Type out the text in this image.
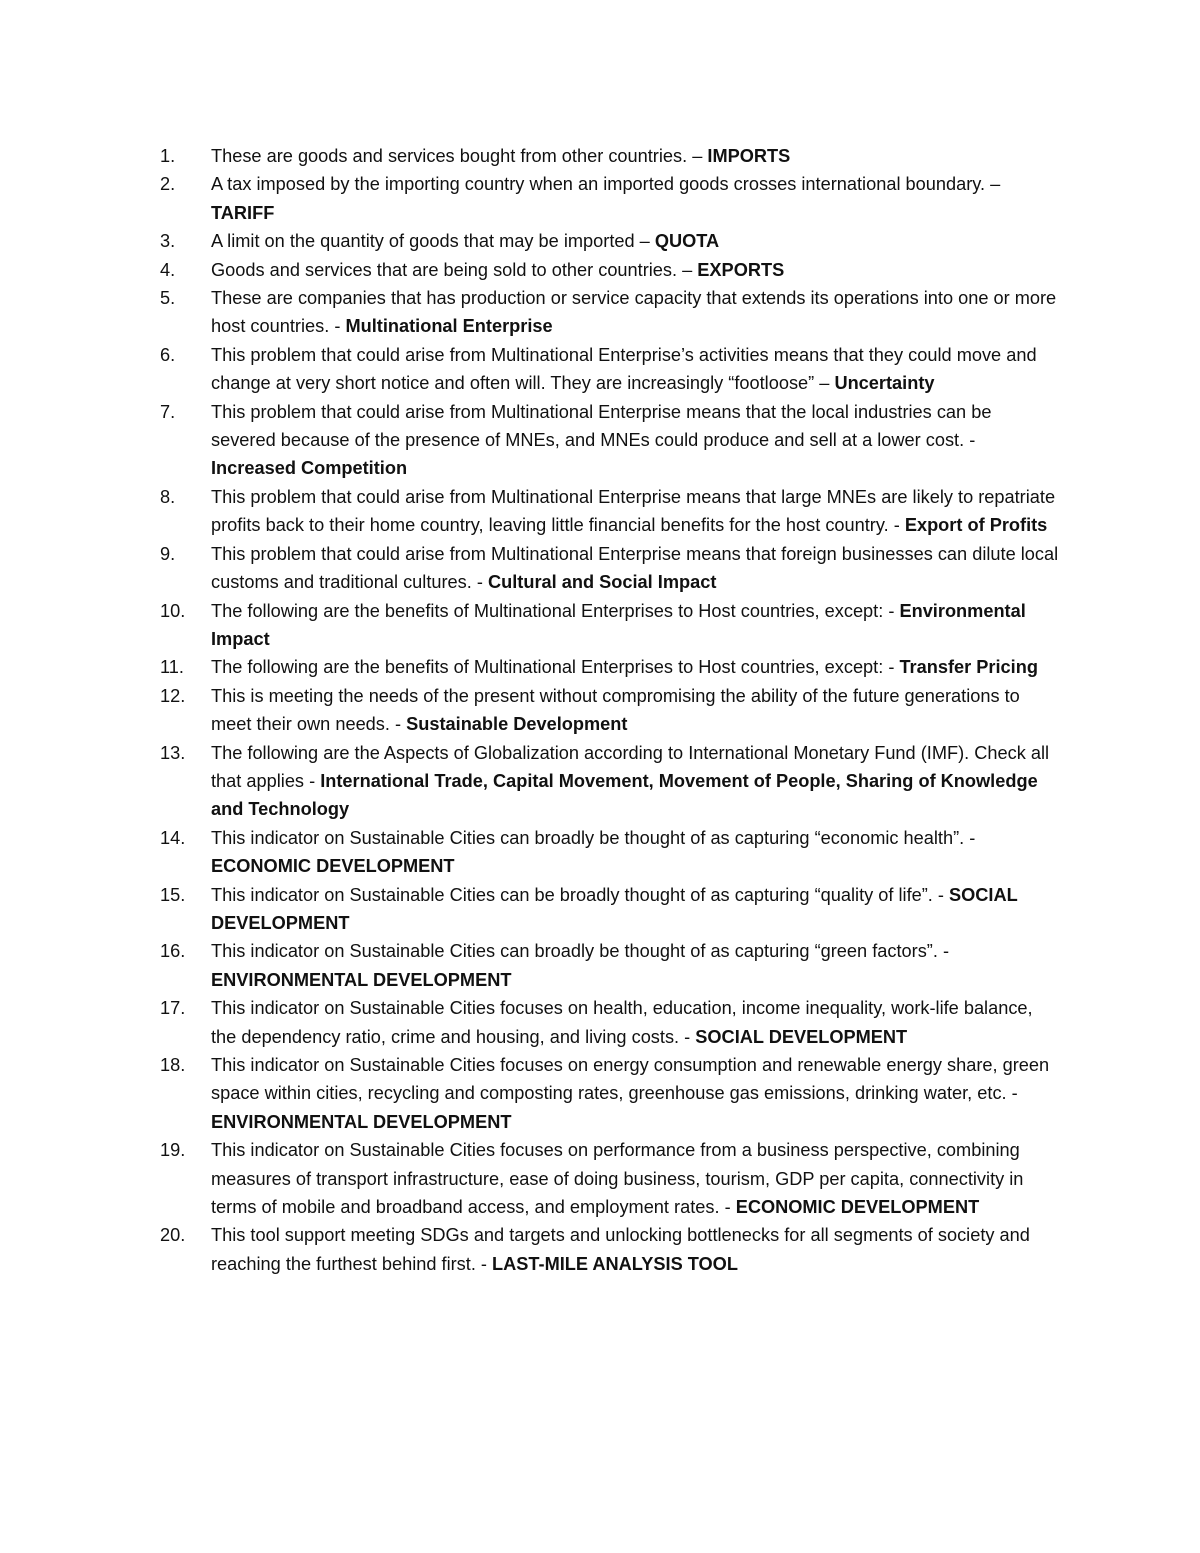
1.	These are goods and services bought from other countries. – IMPORTS
2.	A tax imposed by the importing country when an imported goods crosses international boundary. – TARIFF
3.	A limit on the quantity of goods that may be imported – QUOTA
4.	Goods and services that are being sold to other countries. – EXPORTS
5.	These are companies that has production or service capacity that extends its operations into one or more host countries. - Multinational Enterprise
6.	This problem that could arise from Multinational Enterprise’s activities means that they could move and change at very short notice and often will. They are increasingly “footloose” – Uncertainty
7.	This problem that could arise from Multinational Enterprise means that the local industries can be severed because of the presence of MNEs, and MNEs could produce and sell at a lower cost. - Increased Competition
8.	This problem that could arise from Multinational Enterprise means that large MNEs are likely to repatriate profits back to their home country, leaving little financial benefits for the host country. - Export of Profits
9.	This problem that could arise from Multinational Enterprise means that foreign businesses can dilute local customs and traditional cultures. - Cultural and Social Impact
10.	The following are the benefits of Multinational Enterprises to Host countries, except: - Environmental Impact
11.	The following are the benefits of Multinational Enterprises to Host countries, except: - Transfer Pricing
12.	This is meeting the needs of the present without compromising the ability of the future generations to meet their own needs. - Sustainable Development
13.	The following are the Aspects of Globalization according to International Monetary Fund (IMF). Check all that applies - International Trade, Capital Movement, Movement of People, Sharing of Knowledge and Technology
14.	This indicator on Sustainable Cities can broadly be thought of as capturing “economic health”. - ECONOMIC DEVELOPMENT
15.	This indicator on Sustainable Cities can be broadly thought of as capturing “quality of life”. - SOCIAL DEVELOPMENT
16.	This indicator on Sustainable Cities can broadly be thought of as capturing “green factors”. - ENVIRONMENTAL DEVELOPMENT
17.	This indicator on Sustainable Cities focuses on health, education, income inequality, work-life balance, the dependency ratio, crime and housing, and living costs. - SOCIAL DEVELOPMENT
18.	This indicator on Sustainable Cities focuses on energy consumption and renewable energy share, green space within cities, recycling and composting rates, greenhouse gas emissions, drinking water, etc. - ENVIRONMENTAL DEVELOPMENT
19.	This indicator on Sustainable Cities focuses on performance from a business perspective, combining measures of transport infrastructure, ease of doing business, tourism, GDP per capita, connectivity in terms of mobile and broadband access, and employment rates. - ECONOMIC DEVELOPMENT
20.	This tool support meeting SDGs and targets and unlocking bottlenecks for all segments of society and reaching the furthest behind first. - LAST-MILE ANALYSIS TOOL
